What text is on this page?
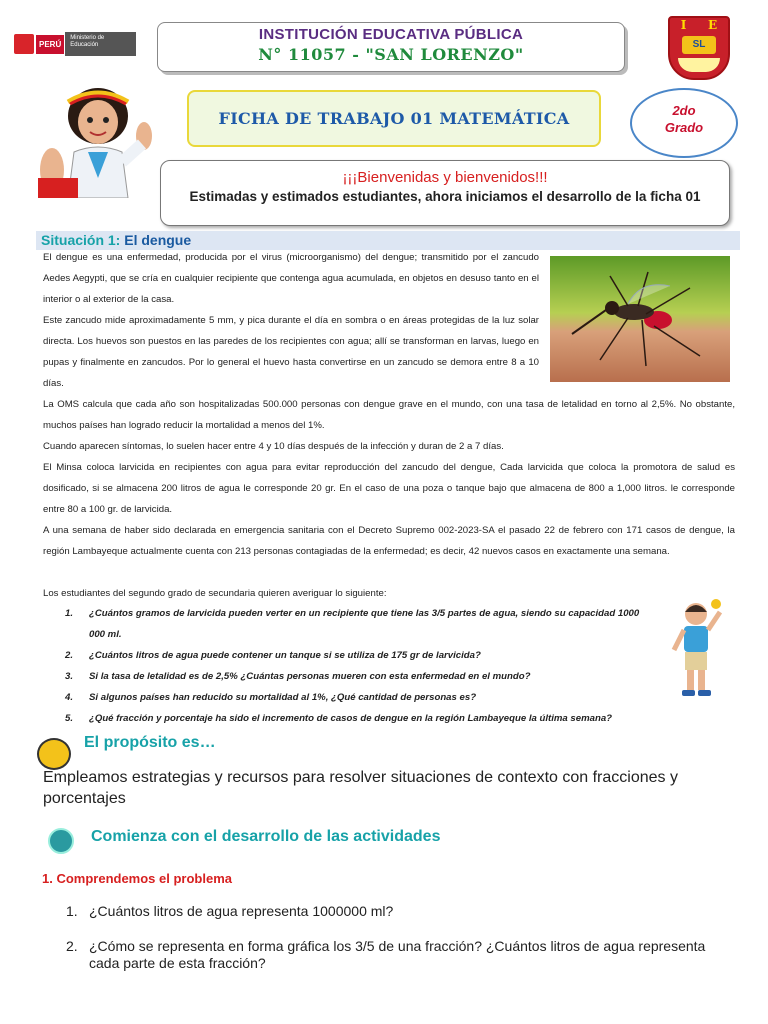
PERÚ
Ministerio de Educación
INSTITUCIÓN EDUCATIVA PÚBLICA
N° 11057 - "SAN LORENZO"
I E
SL
FICHA DE TRABAJO 01 MATEMÁTICA	2do
Grado
¡¡¡Bienvenidas y bienvenidos!!!
Estimadas y estimados estudiantes, ahora iniciamos el desarrollo de la ficha 01
Situación 1: El dengue
El dengue es una enfermedad, producida por el virus (microorganismo) del dengue; transmitido por el zancudo Aedes Aegypti, que se cría en cualquier recipiente que contenga agua acumulada, en objetos en desuso tanto en el interior o al exterior de la casa.
Este zancudo mide aproximadamente 5 mm, y pica durante el día en sombra o en áreas protegidas de la luz solar directa. Los huevos son puestos en las paredes de los recipientes con agua; allí se transforman en larvas, luego en pupas y finalmente en zancudos. Por lo general el huevo hasta convertirse en un zancudo se demora entre 8 a 10 días.
La OMS calcula que cada año son hospitalizadas 500.000 personas con dengue grave en el mundo, con una tasa de letalidad en torno al 2,5%. No obstante, muchos países han logrado reducir la mortalidad a menos del 1%.
Cuando aparecen síntomas, lo suelen hacer entre 4 y 10 días después de la infección y duran de 2 a 7 días.
El Minsa coloca larvicida en recipientes con agua para evitar reproducción del zancudo del dengue, Cada larvicida que coloca la promotora de salud es dosificado, si se almacena 200 litros de agua le corresponde 20 gr. En el caso de una poza o tanque bajo que almacena de 800 a 1,000 litros. le corresponde entre 80 a 100 gr. de larvicida.
A una semana de haber sido declarada en emergencia sanitaria con el Decreto Supremo 002-2023-SA el pasado 22 de febrero con 171 casos de dengue, la región Lambayeque actualmente cuenta con 213 personas contagiadas de la enfermedad; es decir, 42 nuevos casos en exactamente una semana.
Los estudiantes del segundo grado de secundaria quieren averiguar lo siguiente:
1.	¿Cuántos gramos de larvicida pueden verter en un recipiente que tiene las 3/5 partes de agua, siendo su capacidad 1000 000 ml.
2.	¿Cuántos litros de agua puede contener un tanque si se utiliza de 175 gr de larvicida?
3.	Si la tasa de letalidad es de 2,5% ¿Cuántas personas mueren con esta enfermedad en el mundo?
4.	Si algunos países han reducido su mortalidad al 1%, ¿Qué cantidad de personas es?
5.	¿Qué fracción y porcentaje ha sido el incremento de casos de dengue en la región Lambayeque la última semana?
El propósito es…
Empleamos estrategias y recursos para resolver situaciones de contexto con fracciones y porcentajes
Comienza con el desarrollo de las actividades
1. Comprendemos el problema
1. ¿Cuántos litros de agua representa 1000000 ml?
2. ¿Cómo se representa en forma gráfica los 3/5 de una fracción? ¿Cuántos litros de agua representa cada parte de esta fracción?
